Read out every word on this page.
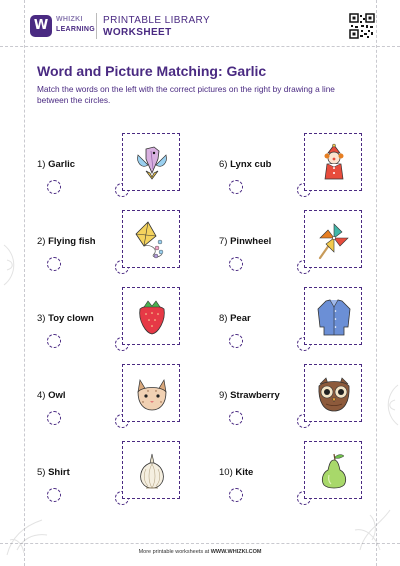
W	WHIZKI
LEARNING
PRINTABLE LIBRARY
WORKSHEET
Word and Picture Matching: Garlic
Match the words on the left with the correct pictures on the right by drawing a line between the circles.
1) Garlic	6) Lynx cub
2) Flying fish	7) Pinwheel
3) Toy clown	8) Pear
4) Owl	9) Strawberry
5) Shirt	10) Kite
More printable worksheets at WWW.WHIZKI.COM
